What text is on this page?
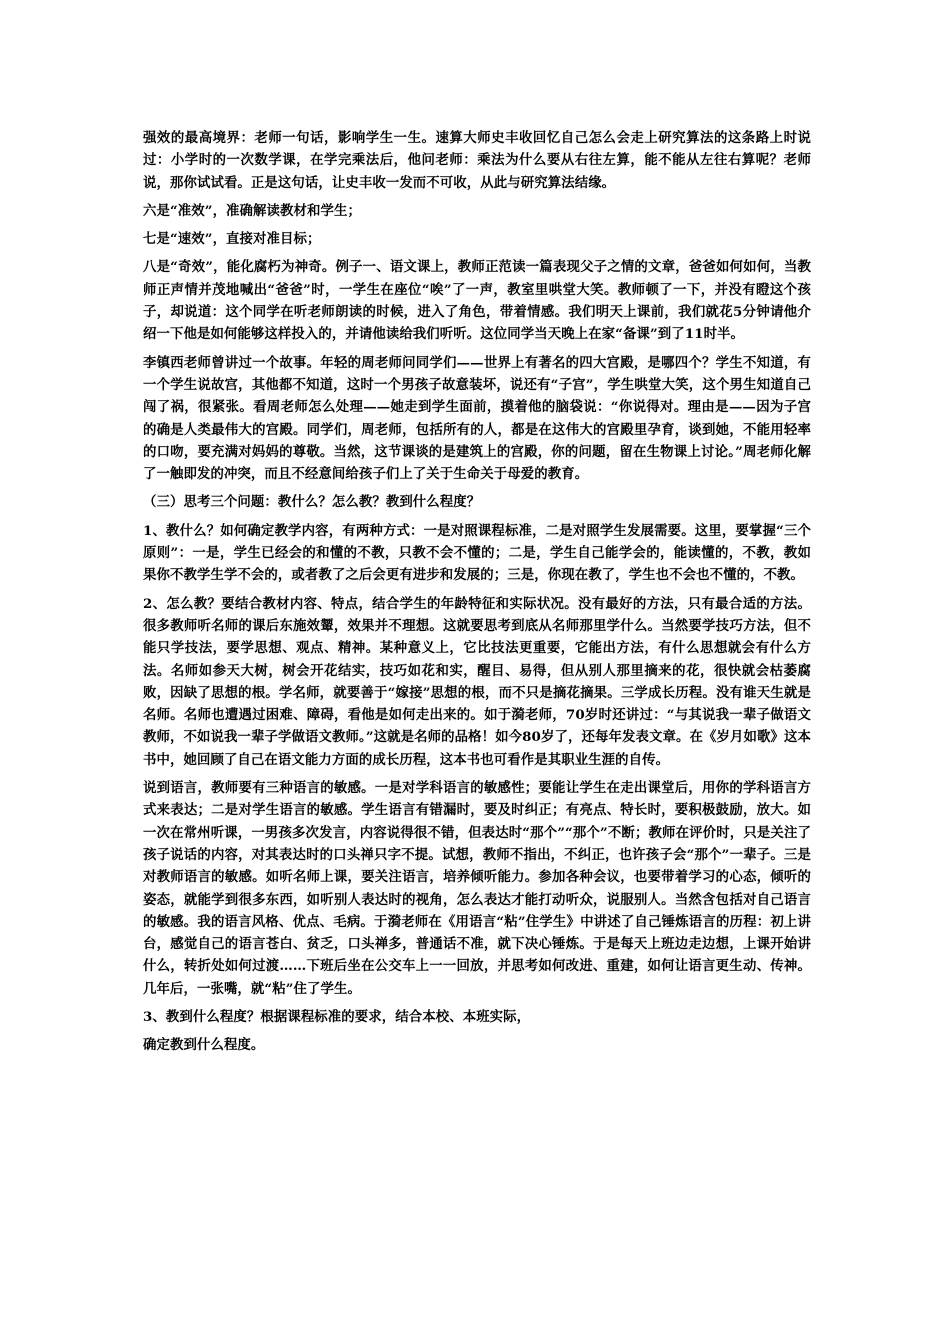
强效的最高境界：老师一句话，影响学生一生。速算大师史丰收回忆自己怎么会走上研究算法的这条路上时说过：小学时的一次数学课，在学完乘法后，他问老师：乘法为什么要从右往左算，能不能从左往右算呢？老师说，那你试试看。正是这句话，让史丰收一发而不可收，从此与研究算法结缘。

六是“准效”，准确解读教材和学生；

七是“速效”，直接对准目标；

八是“奇效”，能化腐朽为神奇。例子一、语文课上，教师正范读一篇表现父子之情的文章，爸爸如何如何，当教师正声情并茂地喊出“爸爸”时，一学生在座位“唉”了一声，教室里哄堂大笑。教师顿了一下，并没有瞪这个孩子，却说道：这个同学在听老师朗读的时候，进入了角色，带着情感。我们明天上课前，我们就花5分钟请他介绍一下他是如何能够这样投入的，并请他读给我们听听。这位同学当天晚上在家“备课”到了11时半。

李镇西老师曾讲过一个故事。年轻的周老师问同学们——世界上有著名的四大宫殿，是哪四个？学生不知道，有一个学生说故宫，其他都不知道，这时一个男孩子故意装坏，说还有“子宫”，学生哄堂大笑，这个男生知道自己闯了祸，很紧张。看周老师怎么处理——她走到学生面前，摸着他的脑袋说：“你说得对。理由是——因为子宫的确是人类最伟大的宫殿。同学们，周老师，包括所有的人，都是在这伟大的宫殿里孕育，谈到她，不能用轻率的口吻，要充满对妈妈的尊敬。当然，这节课谈的是建筑上的宫殿，你的问题，留在生物课上讨论。”周老师化解了一触即发的冲突，而且不经意间给孩子们上了关于生命关于母爱的教育。

（三）思考三个问题：教什么？怎么教？教到什么程度？

1、教什么？如何确定教学内容，有两种方式：一是对照课程标准，二是对照学生发展需要。这里，要掌握“三个原则”：一是，学生已经会的和懂的不教，只教不会不懂的；二是，学生自己能学会的，能读懂的，不教，教如果你不教学生学不会的，或者教了之后会更有进步和发展的；三是，你现在教了，学生也不会也不懂的，不教。

2、怎么教？要结合教材内容、特点，结合学生的年龄特征和实际状况。没有最好的方法，只有最合适的方法。很多教师听名师的课后东施效颦，效果并不理想。这就要思考到底从名师那里学什么。当然要学技巧方法，但不能只学技法，要学思想、观点、精神。某种意义上，它比技法更重要，它能出方法，有什么思想就会有什么方法。名师如参天大树，树会开花结实，技巧如花和实，醒目、易得，但从别人那里摘来的花，很快就会枯萎腐败，因缺了思想的根。学名师，就要善于“嫁接”思想的根，而不只是摘花摘果。三学成长历程。没有谁天生就是名师。名师也遭遇过困难、障碍，看他是如何走出来的。如于漪老师，70岁时还讲过：“与其说我一辈子做语文教师，不如说我一辈子学做语文教师。”这就是名师的品格！如今80岁了，还每年发表文章。在《岁月如歌》这本书中，她回顾了自己在语文能力方面的成长历程，这本书也可看作是其职业生涯的自传。

说到语言，教师要有三种语言的敏感。一是对学科语言的敏感性；要能让学生在走出课堂后，用你的学科语言方式来表达；二是对学生语言的敏感。学生语言有错漏时，要及时纠正；有亮点、特长时，要积极鼓励，放大。如一次在常州听课，一男孩多次发言，内容说得很不错，但表达时“那个”“那个”不断；教师在评价时，只是关注了孩子说话的内容，对其表达时的口头禅只字不提。试想，教师不指出，不纠正，也许孩子会“那个”一辈子。三是对教师语言的敏感。如听名师上课，要关注语言，培养倾听能力。参加各种会议，也要带着学习的心态，倾听的姿态，就能学到很多东西，如听别人表达时的视角，怎么表达才能打动听众，说服别人。当然含包括对自己语言的敏感。我的语言风格、优点、毛病。于漪老师在《用语言“粘”住学生》中讲述了自己锤炼语言的历程：初上讲台，感觉自己的语言苍白、贫乏，口头禅多，普通话不准，就下决心锤炼。于是每天上班边走边想，上课开始讲什么，转折处如何过渡……下班后坐在公交车上一一回放，并思考如何改进、重建，如何让语言更生动、传神。几年后，一张嘴，就“粘”住了学生。

3、教到什么程度？根据课程标准的要求，结合本校、本班实际，

确定教到什么程度。
